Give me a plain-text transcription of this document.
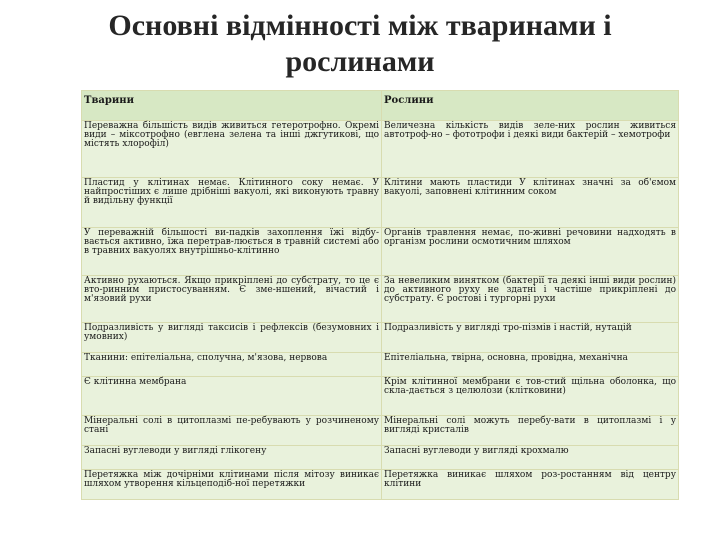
Основні відмінності між тваринами і
рослинами
Тварини	Рослини
Переважна більшість видів живиться гетеротрофно. Окремі види – міксотрофно (евглена зелена та інші джгутикові, що містять хлорофіл)	Величезна кількість видів зеле-них рослин живиться автотроф-но – фототрофи і деякі види бактерій – хемотрофи
Пластид у клітинах немає. Клітинного соку немає. У найпростіших є лише дрібніші вакуолі, які виконують травну й видільну функції	Клітини мають пластиди У клітинах значні за об'ємом вакуолі, заповнені клітинним соком
У переважній більшості ви-падків захоплення їжі відбу-вається активно, їжа перетрав-люється в травній системі або в травних вакуолях внутрішньо-клітинно	Органів травлення немає, по-живні речовини надходять в організм рослини осмотичним шляхом
Активно рухаються. Якщо прикріплені до субстрату, то це є вто-ринним пристосуванням. Є зме-ншений, вічастий і м'язовий рухи	За невеликим винятком (бактерії та деякі інші види рослин) до активного руху не здатні і частіше прикріплені до субстрату. Є ростові і тургорні рухи
Подразливість у вигляді таксисів і рефлексів (безумовних і умовних)	Подразливість у вигляді тро-пізмів і настій, нутацій
Тканини: епітеліальна, сполучна, м'язова, нервова	Епітеліальна, твірна, основна, провідна, механічна
Є клітинна мембрана	Крім клітинної мембрани є тов-стий щільна оболонка, що скла-дається з целюлози (клітковини)
Мінеральні солі в цитоплазмі пе-ребувають у розчиненому стані	Мінеральні солі можуть перебу-вати в цитоплазмі і у вигляді кристалів
Запасні вуглеводи у вигляді глікогену	Запасні вуглеводи у вигляді крохмалю
Перетяжка між дочірніми клітинами після мітозу виникає шляхом утворення кільцеподіб-ної перетяжки	Перетяжка виникає шляхом роз-ростанням від центру клітини
